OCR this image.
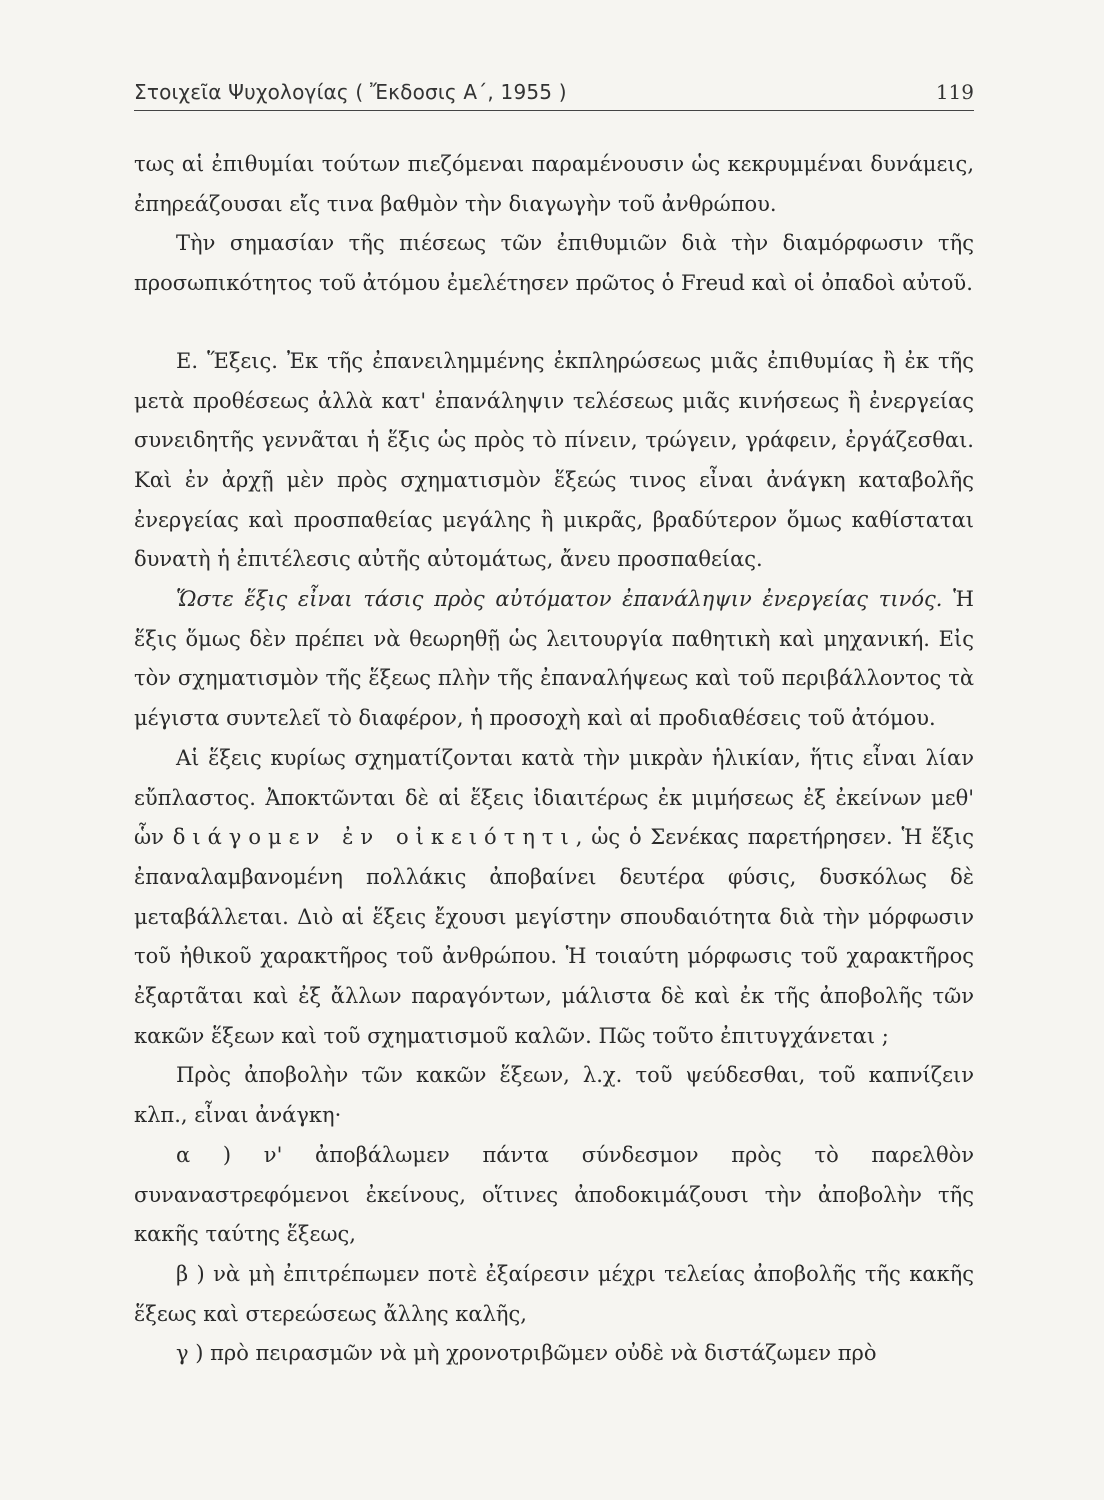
Στοιχεῖα Ψυχολογίας ( Ἔκδοσις Α΄, 1955 )	119

τως αἱ ἐπιθυμίαι τούτων πιεζόμεναι παραμένουσιν ὡς κεκρυμμέναι δυνάμεις, ἐπηρεάζουσαι εἴς τινα βαθμὸν τὴν διαγωγὴν τοῦ ἀνθρώπου.

Τὴν σημασίαν τῆς πιέσεως τῶν ἐπιθυμιῶν διὰ τὴν διαμόρφωσιν τῆς προσωπικότητος τοῦ ἀτόμου ἐμελέτησεν πρῶτος ὁ Freud καὶ οἱ ὀπαδοὶ αὐτοῦ.

Ε. Ἕξεις. Ἐκ τῆς ἐπανειλημμένης ἐκπληρώσεως μιᾶς ἐπιθυμίας ἢ ἐκ τῆς μετὰ προθέσεως ἀλλὰ κατ' ἐπανάληψιν τελέσεως μιᾶς κινήσεως ἢ ἐνεργείας συνειδητῆς γεννᾶται ἡ ἕξις ὡς πρὸς τὸ πίνειν, τρώγειν, γράφειν, ἐργάζεσθαι. Καὶ ἐν ἀρχῇ μὲν πρὸς σχηματισμὸν ἕξεώς τινος εἶναι ἀνάγκη καταβολῆς ἐνεργείας καὶ προσπαθείας μεγάλης ἢ μικρᾶς, βραδύτερον ὅμως καθίσταται δυνατὴ ἡ ἐπιτέλεσις αὐτῆς αὐτομάτως, ἄνευ προσπαθείας.

Ὥστε ἕξις εἶναι τάσις πρὸς αὐτόματον ἐπανάληψιν ἐνεργείας τινός. Ἡ ἕξις ὅμως δὲν πρέπει νὰ θεωρηθῇ ὡς λειτουργία παθητικὴ καὶ μηχανική. Εἰς τὸν σχηματισμὸν τῆς ἕξεως πλὴν τῆς ἐπαναλήψεως καὶ τοῦ περιβάλλοντος τὰ μέγιστα συντελεῖ τὸ διαφέρον, ἡ προσοχὴ καὶ αἱ προδιαθέσεις τοῦ ἀτόμου.

Αἱ ἕξεις κυρίως σχηματίζονται κατὰ τὴν μικρὰν ἡλικίαν, ἥτις εἶναι λίαν εὔπλαστος. Ἀποκτῶνται δὲ αἱ ἕξεις ἰδιαιτέρως ἐκ μιμήσεως ἐξ ἐκείνων μεθ' ὧν διάγομεν ἐν οἰκειότητι, ὡς ὁ Σενέκας παρετήρησεν. Ἡ ἕξις ἐπαναλαμβανομένη πολλάκις ἀποβαίνει δευτέρα φύσις, δυσκόλως δὲ μεταβάλλεται. Διὸ αἱ ἕξεις ἔχουσι μεγίστην σπουδαιότητα διὰ τὴν μόρφωσιν τοῦ ἠθικοῦ χαρακτῆρος τοῦ ἀνθρώπου. Ἡ τοιαύτη μόρφωσις τοῦ χαρακτῆρος ἐξαρτᾶται καὶ ἐξ ἄλλων παραγόντων, μάλιστα δὲ καὶ ἐκ τῆς ἀποβολῆς τῶν κακῶν ἕξεων καὶ τοῦ σχηματισμοῦ καλῶν. Πῶς τοῦτο ἐπιτυγχάνεται ;

Πρὸς ἀποβολὴν τῶν κακῶν ἕξεων, λ.χ. τοῦ ψεύδεσθαι, τοῦ καπνίζειν κλπ., εἶναι ἀνάγκη·

α ) ν' ἀποβάλωμεν πάντα σύνδεσμον πρὸς τὸ παρελθὸν συναναστρεφόμενοι ἐκείνους, οἵτινες ἀποδοκιμάζουσι τὴν ἀποβολὴν τῆς κακῆς ταύτης ἕξεως,

β ) νὰ μὴ ἐπιτρέπωμεν ποτὲ ἐξαίρεσιν μέχρι τελείας ἀποβολῆς τῆς κακῆς ἕξεως καὶ στερεώσεως ἄλλης καλῆς,

γ ) πρὸ πειρασμῶν νὰ μὴ χρονοτριβῶμεν οὐδὲ νὰ διστάζωμεν πρὸ
